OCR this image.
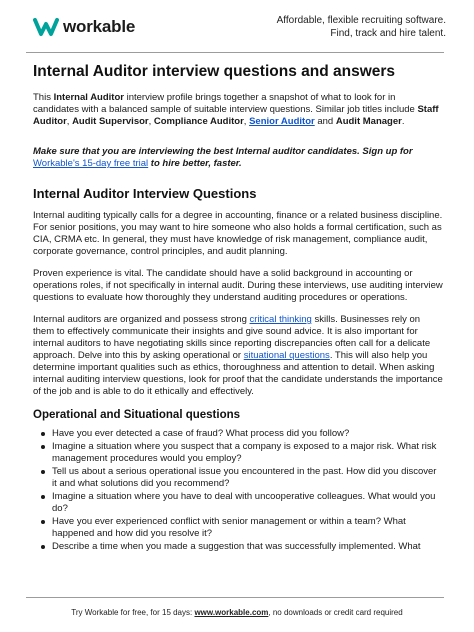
workable	Affordable, flexible recruiting software.
Find, track and hire talent.
Internal Auditor interview questions and answers

This Internal Auditor interview profile brings together a snapshot of what to look for in candidates with a balanced sample of suitable interview questions. Similar job titles include Staff Auditor, Audit Supervisor, Compliance Auditor, Senior Auditor and Audit Manager.

Make sure that you are interviewing the best Internal auditor candidates. Sign up for Workable's 15-day free trial to hire better, faster.

Internal Auditor Interview Questions

Internal auditing typically calls for a degree in accounting, finance or a related business discipline. For senior positions, you may want to hire someone who also holds a formal certification, such as CIA, CRMA etc. In general, they must have knowledge of risk management, compliance audit, corporate governance, control principles, and audit planning.

Proven experience is vital. The candidate should have a solid background in accounting or operations roles, if not specifically in internal audit. During these interviews, use auditing interview questions to evaluate how thoroughly they understand auditing procedures or operations.

Internal auditors are organized and possess strong critical thinking skills. Businesses rely on them to effectively communicate their insights and give sound advice. It is also important for internal auditors to have negotiating skills since reporting discrepancies often call for a delicate approach. Delve into this by asking operational or situational questions. This will also help you determine important qualities such as ethics, thoroughness and attention to detail. When asking internal auditing interview questions, look for proof that the candidate understands the importance of the job and is able to do it ethically and effectively.

Operational and Situational questions
Have you ever detected a case of fraud? What process did you follow?
Imagine a situation where you suspect that a company is exposed to a major risk. What risk management procedures would you employ?
Tell us about a serious operational issue you encountered in the past. How did you discover it and what solutions did you recommend?
Imagine a situation where you have to deal with uncooperative colleagues. What would you do?
Have you ever experienced conflict with senior management or within a team? What happened and how did you resolve it?
Describe a time when you made a suggestion that was successfully implemented. What
Try Workable for free, for 15 days: www.workable.com, no downloads or credit card required
